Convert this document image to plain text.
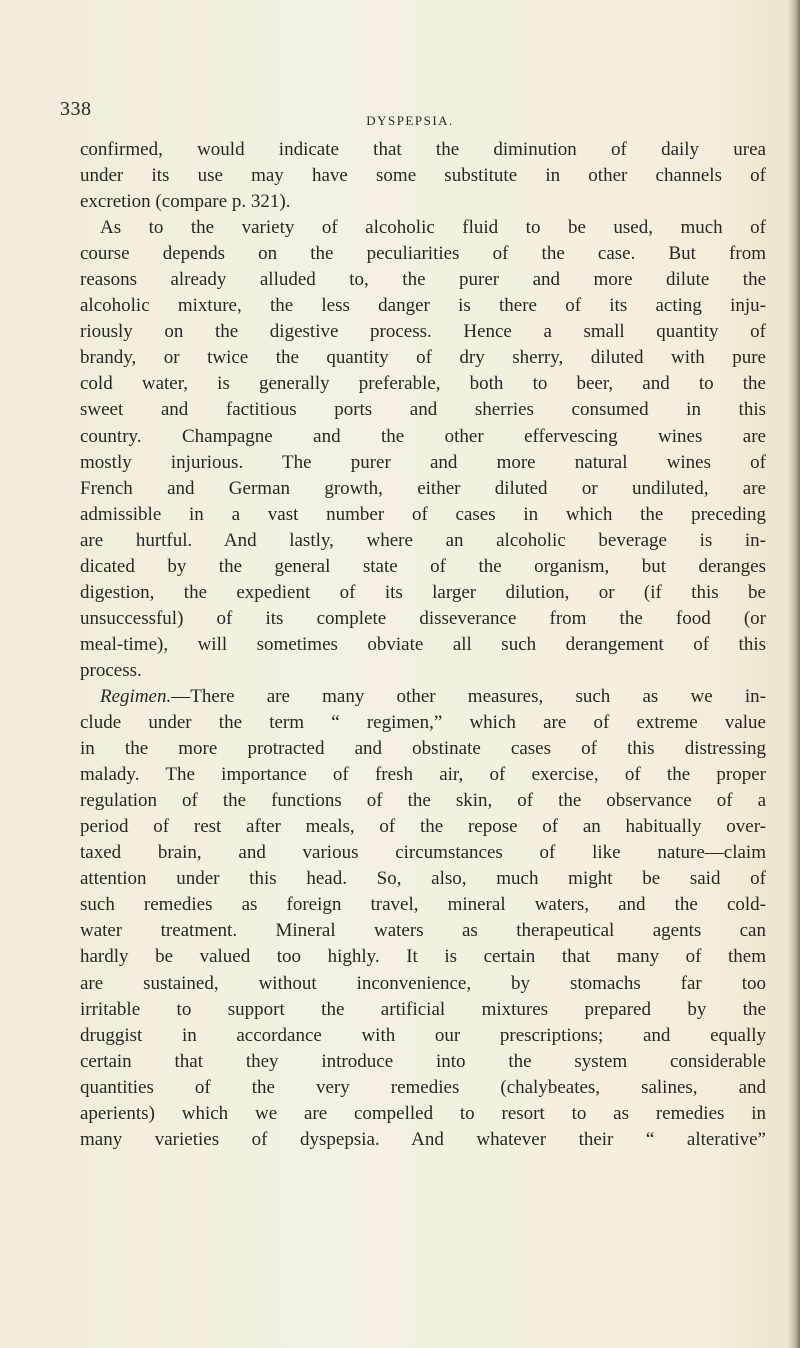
338
DYSPEPSIA.
confirmed, would indicate that the diminution of daily urea
under its use may have some substitute in other channels of
excretion (compare p. 321).
As to the variety of alcoholic fluid to be used, much of
course depends on the peculiarities of the case. But from
reasons already alluded to, the purer and more dilute the
alcoholic mixture, the less danger is there of its acting inju-
riously on the digestive process. Hence a small quantity of
brandy, or twice the quantity of dry sherry, diluted with pure
cold water, is generally preferable, both to beer, and to the
sweet and factitious ports and sherries consumed in this
country. Champagne and the other effervescing wines are
mostly injurious. The purer and more natural wines of
French and German growth, either diluted or undiluted, are
admissible in a vast number of cases in which the preceding
are hurtful. And lastly, where an alcoholic beverage is in-
dicated by the general state of the organism, but deranges
digestion, the expedient of its larger dilution, or (if this be
unsuccessful) of its complete disseverance from the food (or
meal-time), will sometimes obviate all such derangement of this
process.
Regimen.—There are many other measures, such as we in-
clude under the term “ regimen,” which are of extreme value
in the more protracted and obstinate cases of this distressing
malady. The importance of fresh air, of exercise, of the proper
regulation of the functions of the skin, of the observance of a
period of rest after meals, of the repose of an habitually over-
taxed brain, and various circumstances of like nature—claim
attention under this head. So, also, much might be said of
such remedies as foreign travel, mineral waters, and the cold-
water treatment. Mineral waters as therapeutical agents can
hardly be valued too highly. It is certain that many of them
are sustained, without inconvenience, by stomachs far too
irritable to support the artificial mixtures prepared by the
druggist in accordance with our prescriptions; and equally
certain that they introduce into the system considerable
quantities of the very remedies (chalybeates, salines, and
aperients) which we are compelled to resort to as remedies in
many varieties of dyspepsia. And whatever their “ alterative”
